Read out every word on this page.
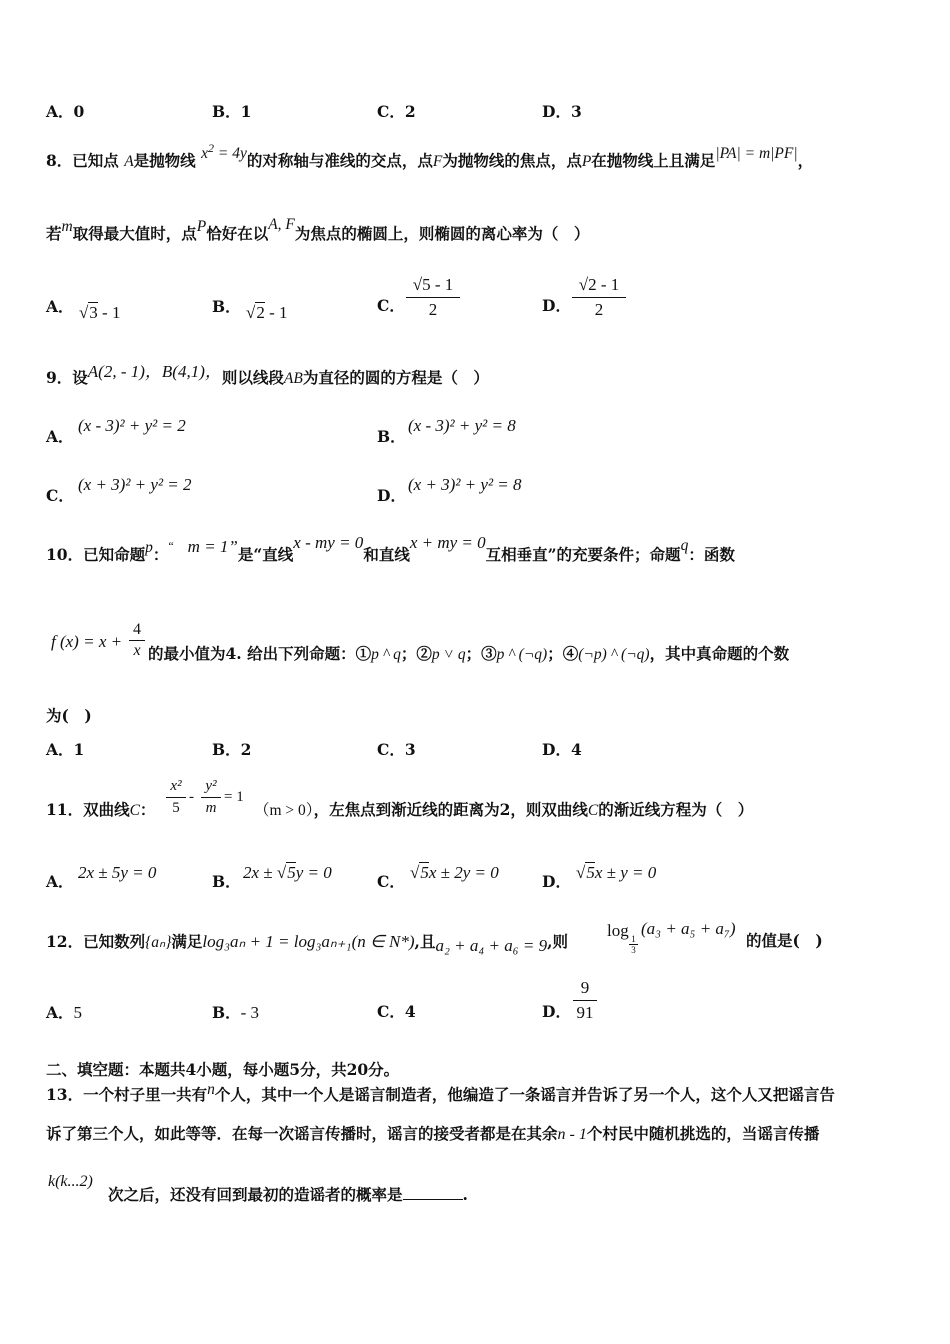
A．0	B．1	C．2	D．3
8．已知点 A是抛物线 $x^2 = 4y$的对称轴与准线的交点，点F为抛物线的焦点，点P在抛物线上且满足|PA| = m|PF|，
若m取得最大值时，点P恰好在以A, F为焦点的椭圆上，则椭圆的离心率为（　）
A． √3 - 1	B． √2 - 1	C． $\frac{√5 - 1}{2}$	D． $\frac{√2 - 1}{2}$
9．设A(2, - 1)，B(4,1)，则以线段AB为直径的圆的方程是（　）
A．
(x - 3)² + y² = 2
B．
(x - 3)² + y² = 8
C．
(x + 3)² + y² = 2
D．
(x + 3)² + y² = 8
10．已知命题p：“ m = 1”是“直线x - my = 0和直线x + my = 0互相垂直”的充要条件；命题q：函数
f $(x) = x + \frac{4}{x}$ 的最小值为4. 给出下列命题：①p ^ q；②p ˅ q；③p ^ (¬q)；④(¬p) ^ (¬q)，其中真命题的个数
为(　)
A．1	B．2	C．3	D．4
11．双曲线C： $\frac{\text{x²}}{5} - \frac{\text{y²}}{m} = 1$
（m > 0），左焦点到渐近线的距离为2，则双曲线C的渐近线方程为（　）
A． 2x ± 5y = 0	B． 2x ± √5y = 0	C． √5x ± 2y = 0	D． √5x ± y = 0
12．已知数列{aₙ}满足log₃aₙ + 1 = log₃aₙ₊₁(n ∈ N*),且a₂ + a₄ + a₆ = 9,则
log
$\frac{1}{3}$
(a₃ + a₅ + a₇)
的值是(　)
A．5	B．- 3	C．4	D． $\frac{9}{91}$
二、填空题：本题共4小题，每小题5分，共20分。
13．一个村子里一共有n个人，其中一个人是谣言制造者，他编造了一条谣言并告诉了另一个人，这个人又把谣言告
诉了第三个人，如此等等．在每一次谣言传播时，谣言的接受者都是在其余n - 1个村民中随机挑选的，当谣言传播
k(k...2)
次之后，还没有回到最初的造谣者的概率是	.
